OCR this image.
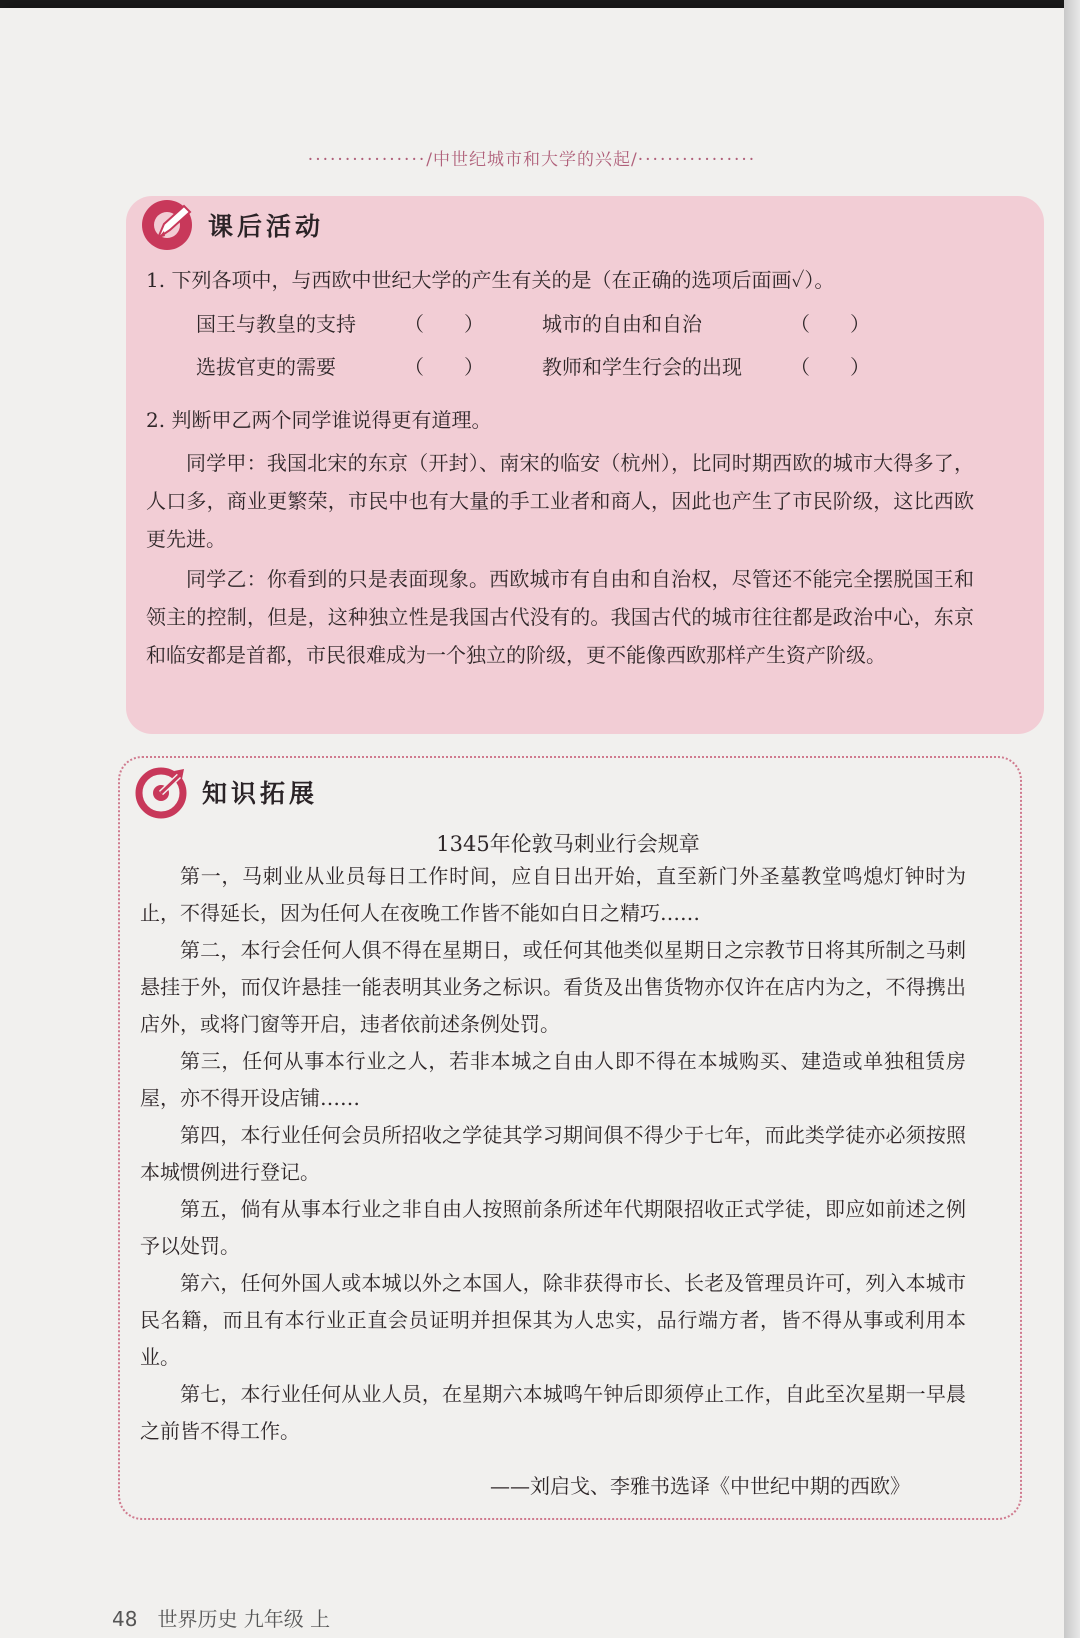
················/中世纪城市和大学的兴起/················
课后活动
1. 下列各项中，与西欧中世纪大学的产生有关的是（在正确的选项后面画✓）。
国王与教皇的支持 （　　）	城市的自由和自治	（　　）
选拔官吏的需要	（　　）	教师和学生行会的出现 （　　）
2. 判断甲乙两个同学谁说得更有道理。
同学甲：我国北宋的东京（开封）、南宋的临安（杭州），比同时期西欧的城市大得多了，人口多，商业更繁荣，市民中也有大量的手工业者和商人，因此也产生了市民阶级，这比西欧更先进。
同学乙：你看到的只是表面现象。西欧城市有自由和自治权，尽管还不能完全摆脱国王和领主的控制，但是，这种独立性是我国古代没有的。我国古代的城市往往都是政治中心，东京和临安都是首都，市民很难成为一个独立的阶级，更不能像西欧那样产生资产阶级。
知识拓展
1345年伦敦马刺业行会规章
第一，马刺业从业员每日工作时间，应自日出开始，直至新门外圣墓教堂鸣熄灯钟时为止，不得延长，因为任何人在夜晚工作皆不能如白日之精巧……
第二，本行会任何人俱不得在星期日，或任何其他类似星期日之宗教节日将其所制之马刺悬挂于外，而仅许悬挂一能表明其业务之标识。看货及出售货物亦仅许在店内为之，不得携出店外，或将门窗等开启，违者依前述条例处罚。
第三，任何从事本行业之人，若非本城之自由人即不得在本城购买、建造或单独租赁房屋，亦不得开设店铺……
第四，本行业任何会员所招收之学徒其学习期间俱不得少于七年，而此类学徒亦必须按照本城惯例进行登记。
第五，倘有从事本行业之非自由人按照前条所述年代期限招收正式学徒，即应如前述之例予以处罚。
第六，任何外国人或本城以外之本国人，除非获得市长、长老及管理员许可，列入本城市民名籍，而且有本行业正直会员证明并担保其为人忠实，品行端方者，皆不得从事或利用本业。
第七，本行业任何从业人员，在星期六本城鸣午钟后即须停止工作，自此至次星期一早晨之前皆不得工作。
——刘启戈、李雅书选译《中世纪中期的西欧》
48 世界历史 九年级 上
